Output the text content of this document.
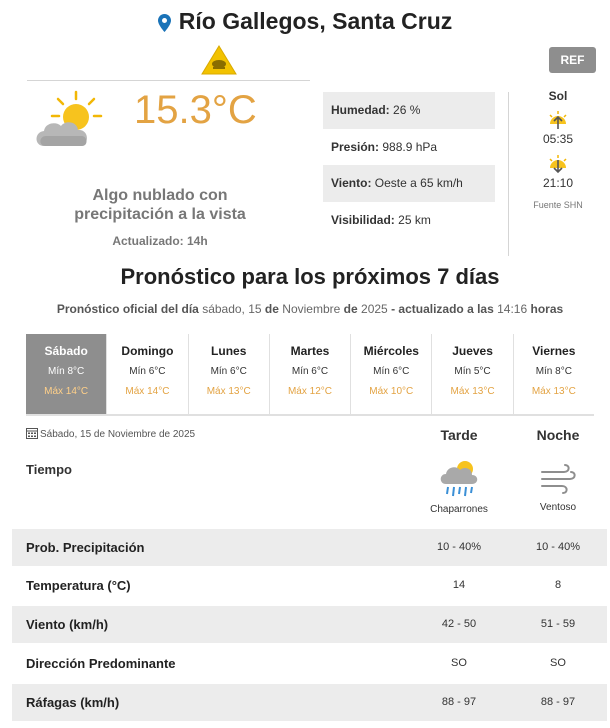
Río Gallegos, Santa Cruz
REF
15.3°C
Algo nublado con precipitación a la vista
Actualizado: 14h
Humedad: 26 %
Presión: 988.9 hPa
Viento: Oeste a 65 km/h
Visibilidad: 25 km
Sol
05:35
21:10
Fuente SHN
Pronóstico para los próximos 7 días
Pronóstico oficial del día sábado, 15 de Noviembre de 2025 - actualizado a las 14:16 horas
Sábado
Mín 8°C
Máx 14°C
Domingo
Mín 6°C
Máx 14°C
Lunes
Mín 6°C
Máx 13°C
Martes
Mín 6°C
Máx 12°C
Miércoles
Mín 6°C
Máx 10°C
Jueves
Mín 5°C
Máx 13°C
Viernes
Mín 8°C
Máx 13°C
Sábado, 15 de Noviembre de 2025	Tarde	Noche
Tiempo
Chaparrones	Ventoso
Prob. Precipitación	10 - 40%	10 - 40%
Temperatura (°C)	14	8
Viento (km/h)	42 - 50	51 - 59
Dirección Predominante	SO	SO
Ráfagas (km/h)	88 - 97	88 - 97
